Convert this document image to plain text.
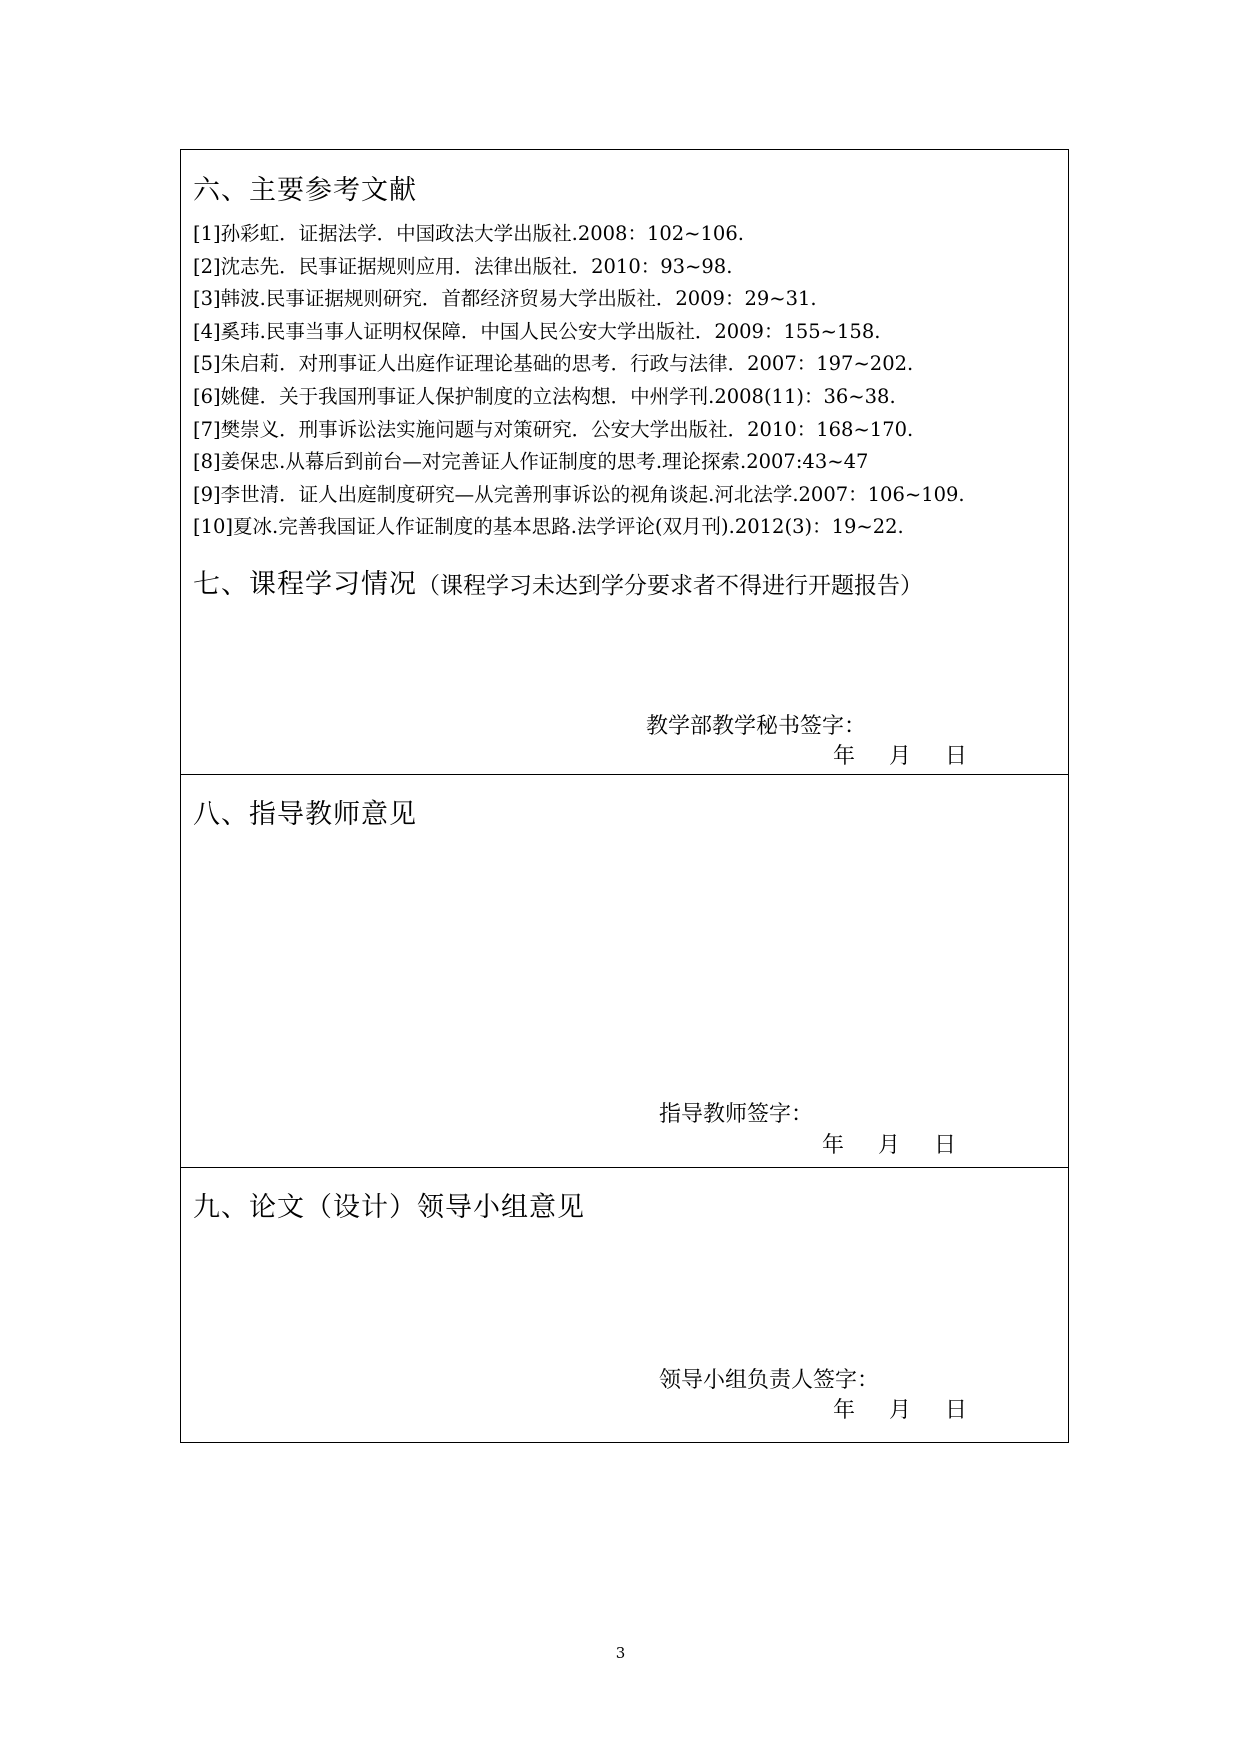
六、主要参考文献
[1]孙彩虹．证据法学．中国政法大学出版社.2008：102~106.
[2]沈志先．民事证据规则应用．法律出版社．2010：93~98.
[3]韩波.民事证据规则研究．首都经济贸易大学出版社．2009：29~31.
[4]奚玮.民事当事人证明权保障．中国人民公安大学出版社．2009：155~158.
[5]朱启莉．对刑事证人出庭作证理论基础的思考．行政与法律．2007：197~202.
[6]姚健．关于我国刑事证人保护制度的立法构想．中州学刊.2008(11)：36~38.
[7]樊崇义．刑事诉讼法实施问题与对策研究．公安大学出版社．2010：168~170.
[8]姜保忠.从幕后到前台—对完善证人作证制度的思考.理论探索.2007:43~47
[9]李世清．证人出庭制度研究—从完善刑事诉讼的视角谈起.河北法学.2007：106~109.
[10]夏冰.完善我国证人作证制度的基本思路.法学评论(双月刊).2012(3)：19~22.
七、课程学习情况（课程学习未达到学分要求者不得进行开题报告）
教学部教学秘书签字：
年 月 日
八、指导教师意见
指导教师签字：
年 月 日
九、论文（设计）领导小组意见
领导小组负责人签字：
年 月 日
3
